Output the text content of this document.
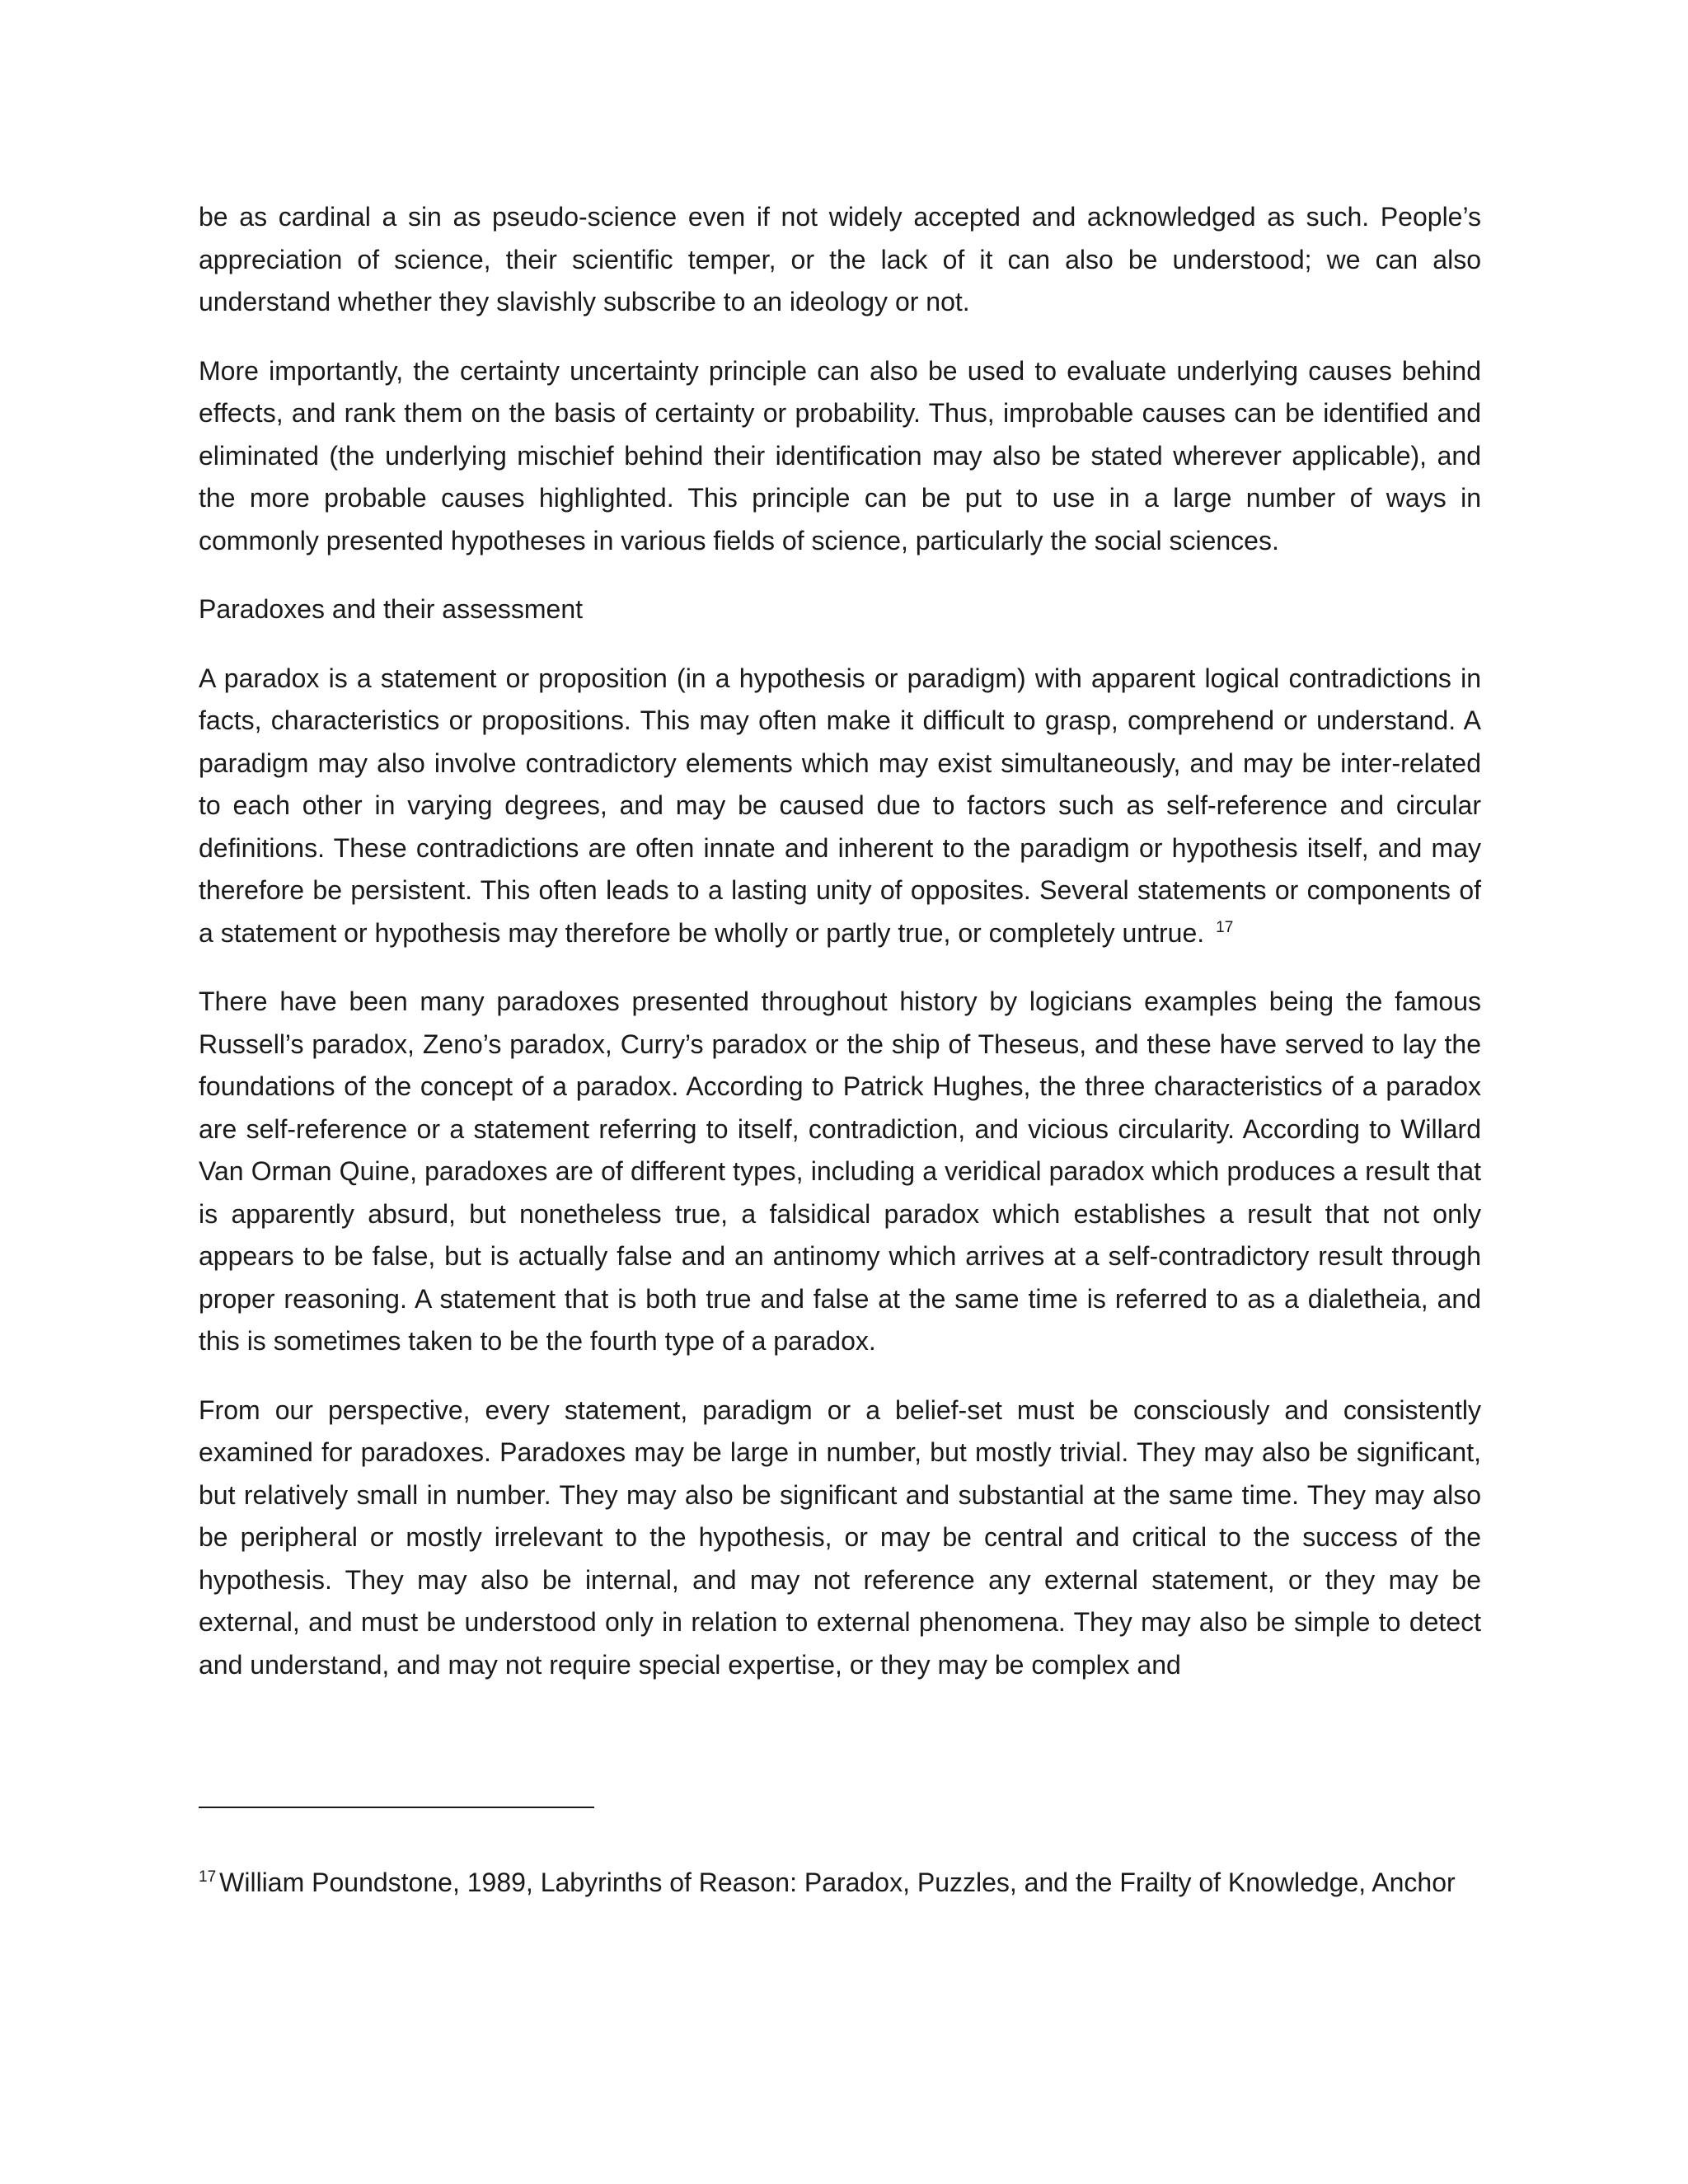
be as cardinal a sin as pseudo-science even if not widely accepted and acknowledged as such. People’s appreciation of science, their scientific temper, or the lack of it can also be understood; we can also understand whether they slavishly subscribe to an ideology or not.

More importantly, the certainty uncertainty principle can also be used to evaluate underlying causes behind effects, and rank them on the basis of certainty or probability. Thus, improbable causes can be identified and eliminated (the underlying mischief behind their identification may also be stated wherever applicable), and the more probable causes highlighted. This principle can be put to use in a large number of ways in commonly presented hypotheses in various fields of science, particularly the social sciences.

Paradoxes and their assessment

A paradox is a statement or proposition (in a hypothesis or paradigm) with apparent logical contradictions in facts, characteristics or propositions. This may often make it difficult to grasp, comprehend or understand. A paradigm may also involve contradictory elements which may exist simultaneously, and may be inter-related to each other in varying degrees, and may be caused due to factors such as self-reference and circular definitions. These contradictions are often innate and inherent to the paradigm or hypothesis itself, and may therefore be persistent. This often leads to a lasting unity of opposites. Several statements or components of a statement or hypothesis may therefore be wholly or partly true, or completely untrue. $^{17}$

There have been many paradoxes presented throughout history by logicians examples being the famous Russell’s paradox, Zeno’s paradox, Curry’s paradox or the ship of Theseus, and these have served to lay the foundations of the concept of a paradox. According to Patrick Hughes, the three characteristics of a paradox are self-reference or a statement referring to itself, contradiction, and vicious circularity. According to Willard Van Orman Quine, paradoxes are of different types, including a veridical paradox which produces a result that is apparently absurd, but nonetheless true, a falsidical paradox which establishes a result that not only appears to be false, but is actually false and an antinomy which arrives at a self-contradictory result through proper reasoning. A statement that is both true and false at the same time is referred to as a dialetheia, and this is sometimes taken to be the fourth type of a paradox.

From our perspective, every statement, paradigm or a belief-set must be consciously and consistently examined for paradoxes. Paradoxes may be large in number, but mostly trivial. They may also be significant, but relatively small in number. They may also be significant and substantial at the same time. They may also be peripheral or mostly irrelevant to the hypothesis, or may be central and critical to the success of the hypothesis. They may also be internal, and may not reference any external statement, or they may be external, and must be understood only in relation to external phenomena. They may also be simple to detect and understand, and may not require special expertise, or they may be complex and

$^{17}$ William Poundstone, 1989, Labyrinths of Reason: Paradox, Puzzles, and the Frailty of Knowledge, Anchor
